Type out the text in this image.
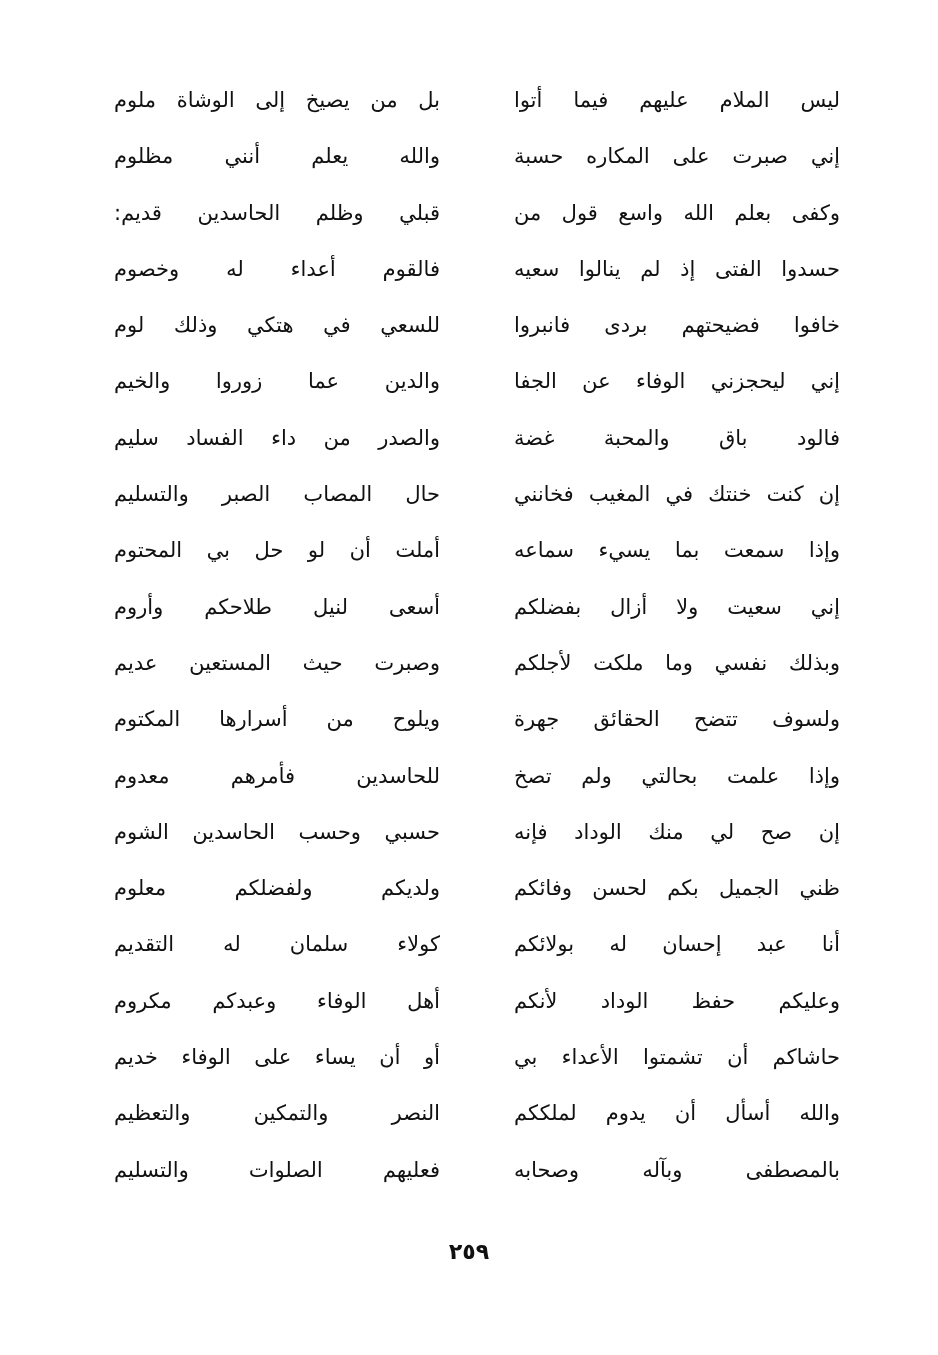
ليس الملام عليهم فيما أتوا
بل من يصيخ إلى الوشاة ملوم
إني صبرت على المكاره حسبة
والله يعلم أنني مظلوم
وكفى بعلم الله واسع قول من
قبلي وظلم الحاسدين قديم:
حسدوا الفتى إذ لم ينالوا سعيه
فالقوم أعداء له وخصوم
خافوا فضيحتهم بردى فانبروا
للسعي في هتكي وذلك لوم
إني ليحجزني الوفاء عن الجفا
والدين عما زوروا والخيم
فالود باق والمحبة غضة
والصدر من داء الفساد سليم
إن كنت خنتك في المغيب فخانني
حال المصاب الصبر والتسليم
وإذا سمعت بما يسيء سماعه
أملت أن لو حل بي المحتوم
إني سعيت ولا أزال بفضلكم
أسعى لنيل طلاحكم وأروم
وبذلك نفسي وما ملكت لأجلكم
وصبرت حيث المستعين عديم
ولسوف تتضح الحقائق جهرة
ويلوح من أسرارها المكتوم
وإذا علمت بحالتي ولم تصخ
للحاسدين فأمرهم معدوم
إن صح لي منك الوداد فإنه
حسبي وحسب الحاسدين الشوم
ظني الجميل بكم لحسن وفائكم
ولديكم ولفضلكم معلوم
أنا عبد إحسان له بولائكم
كولاء سلمان له التقديم
وعليكم حفظ الوداد لأنكم
أهل الوفاء وعبدكم مكروم
حاشاكم أن تشمتوا الأعداء بي
أو أن يساء على الوفاء خديم
والله أسأل أن يدوم لملككم
النصر والتمكين والتعظيم
بالمصطفى وبآله وصحابه
فعليهم الصلوات والتسليم
٢٥٩
